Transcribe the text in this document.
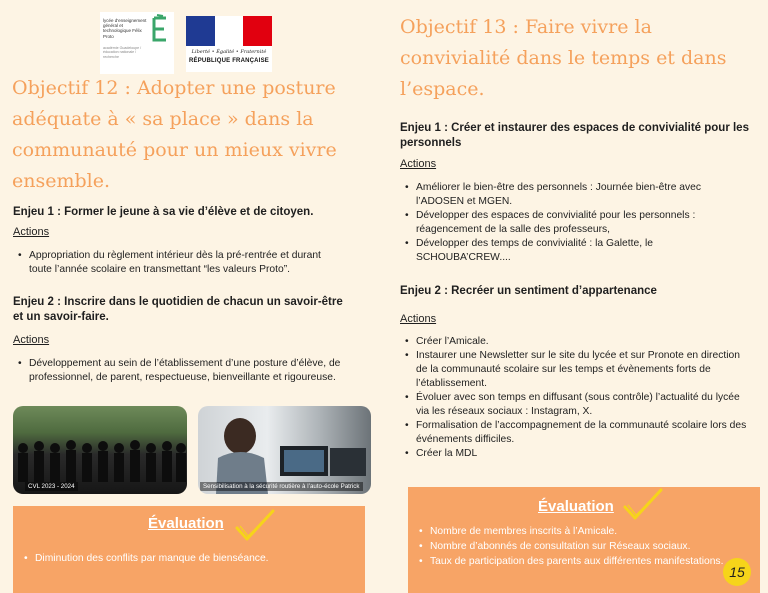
lycée d'enseignement général et technologique Félix Proto
académie Guadeloupe / éducation nationale / recherche
Liberté • Égalité • Fraternité
RÉPUBLIQUE FRANÇAISE
Objectif 12 : Adopter une posture adéquate à « sa place » dans la communauté pour un mieux vivre ensemble.
Enjeu 1 : Former le jeune à sa vie d’élève et de citoyen.
Actions
• Appropriation du règlement intérieur dès la pré-rentrée et durant toute l’année scolaire en transmettant “les valeurs Proto”.
Enjeu 2 : Inscrire dans le quotidien de chacun un savoir-être et un savoir-faire.
Actions
• Développement au sein de l’établissement d’une posture d’élève, de professionnel, de parent, respectueuse, bienveillante et rigoureuse.
CVL 2023 - 2024	Sensibilisation à la sécurité routière à l’auto-école Patrick
Évaluation
• Diminution des conflits par manque de bienséance.
Objectif 13 : Faire vivre la convivialité dans le temps et dans l’espace.
Enjeu 1 : Créer et instaurer des espaces de convivialité pour les personnels
Actions
• Améliorer le bien-être des personnels : Journée bien-être avec l’ADOSEN et MGEN.
• Développer des espaces de convivialité pour les personnels : réagencement de la salle des professeurs,
• Développer des temps de convivialité : la Galette, le SCHOUBA’CREW....
Enjeu 2 : Recréer un sentiment d’appartenance
Actions
• Créer l’Amicale.
• Instaurer une Newsletter sur le site du lycée et sur Pronote en direction de la communauté scolaire sur les temps et évènements forts de l’établissement.
• Évoluer avec son temps en diffusant (sous contrôle) l’actualité du lycée via les réseaux sociaux : Instagram, X.
• Formalisation de l’accompagnement de la communauté scolaire lors des événements difficiles.
• Créer la MDL
Évaluation
• Nombre de membres inscrits à l’Amicale.
• Nombre d’abonnés de consultation sur Réseaux sociaux.
• Taux de participation des parents aux différentes manifestations.
15
